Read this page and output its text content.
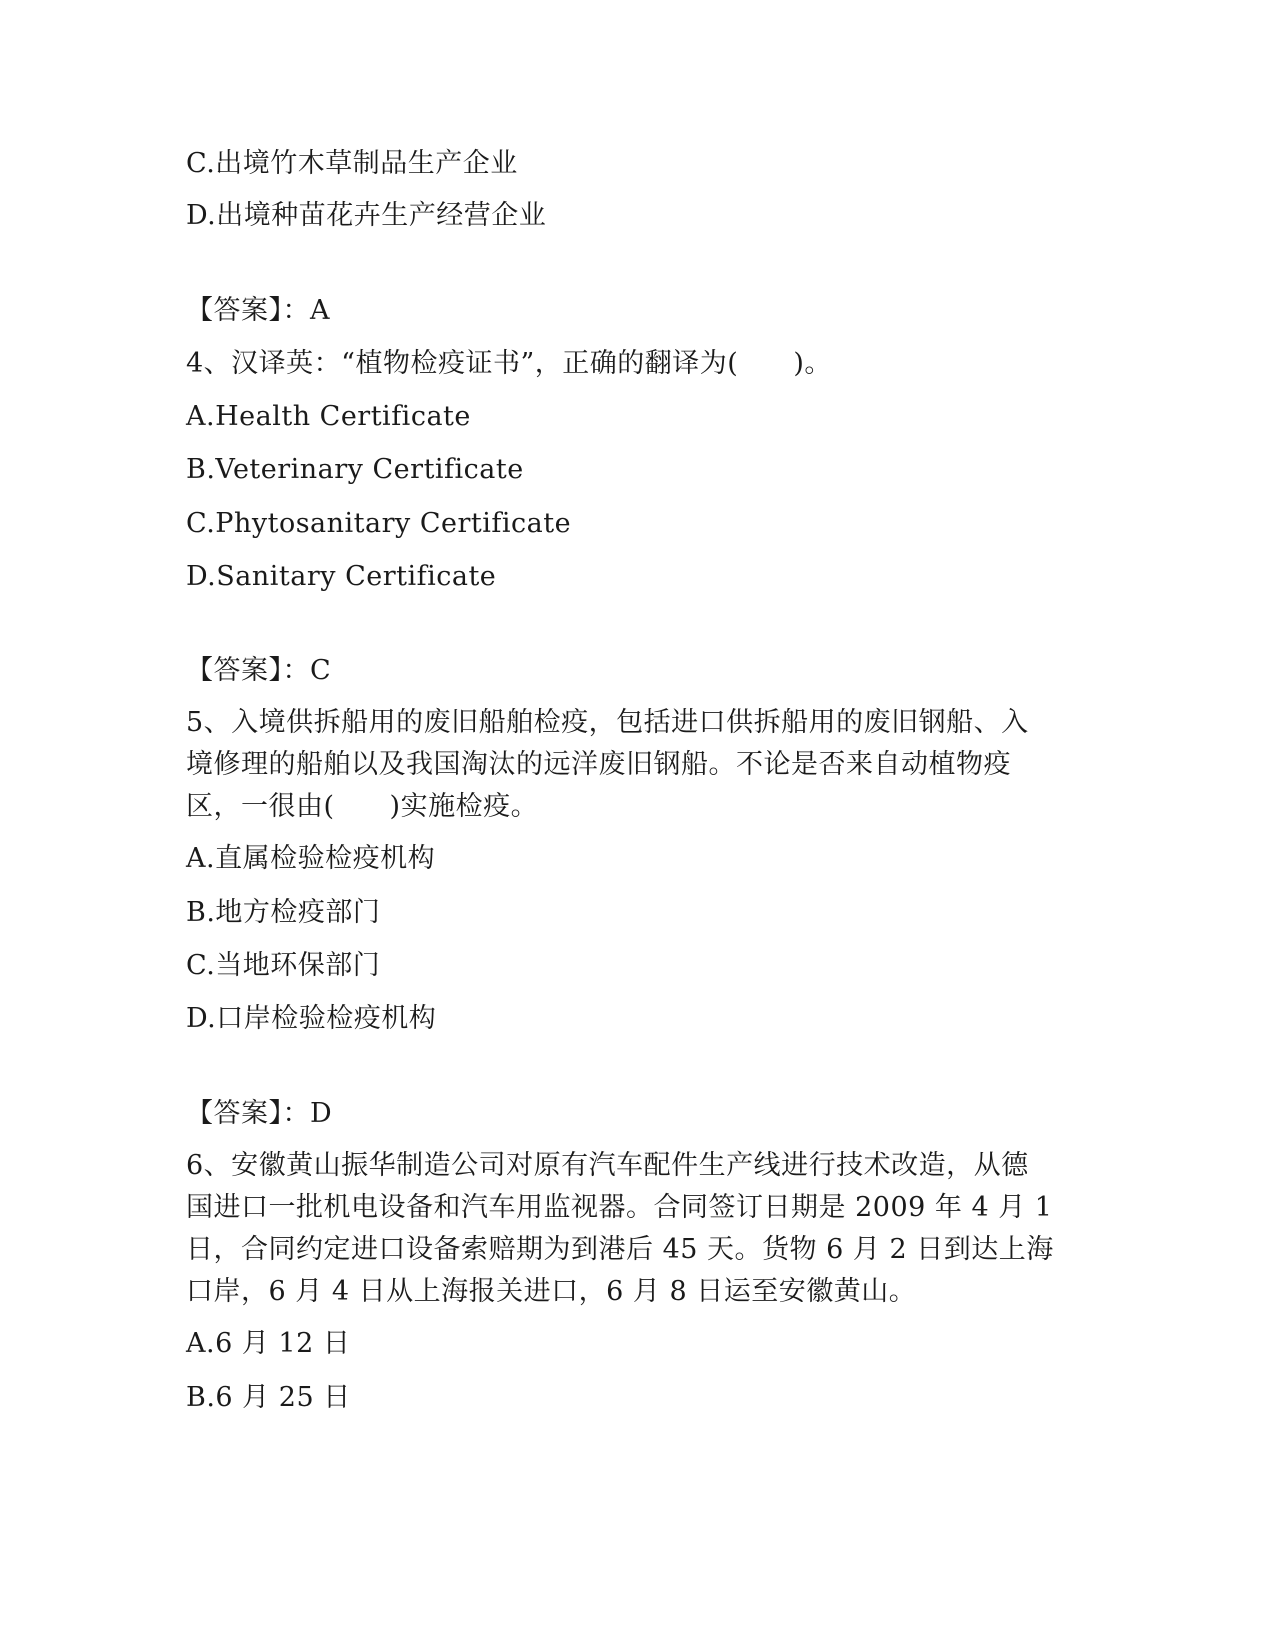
C.出境竹木草制品生产企业
D.出境种苗花卉生产经营企业
【答案】：A
4、汉译英：“植物检疫证书”，正确的翻译为(　　)。
A.Health Certificate
B.Veterinary Certificate
C.Phytosanitary Certificate
D.Sanitary Certificate
【答案】：C
5、入境供拆船用的废旧船舶检疫，包括进口供拆船用的废旧钢船、入
境修理的船舶以及我国淘汰的远洋废旧钢船。不论是否来自动植物疫
区，一很由(　　)实施检疫。
A.直属检验检疫机构
B.地方检疫部门
C.当地环保部门
D.口岸检验检疫机构
【答案】：D
6、安徽黄山振华制造公司对原有汽车配件生产线进行技术改造，从德
国进口一批机电设备和汽车用监视器。合同签订日期是 2009 年 4 月 1
日，合同约定进口设备索赔期为到港后 45 天。货物 6 月 2 日到达上海
口岸，6 月 4 日从上海报关进口，6 月 8 日运至安徽黄山。
A.6 月 12 日
B.6 月 25 日
